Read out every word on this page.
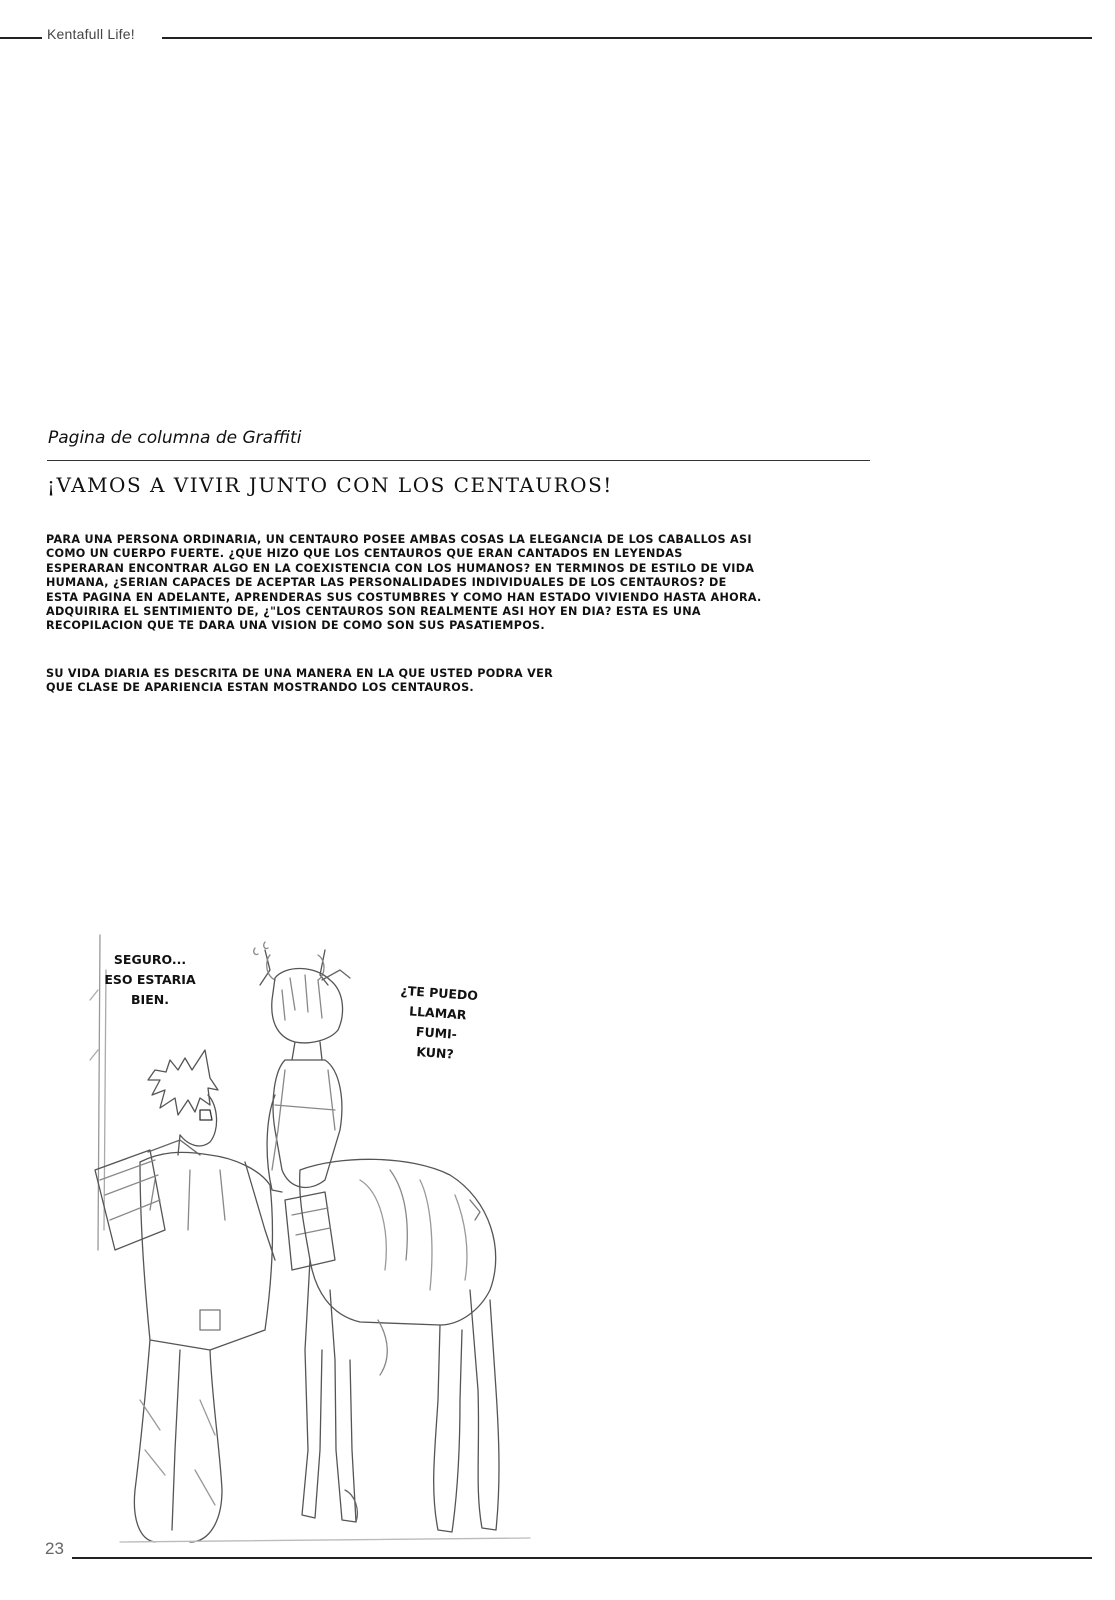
Kentafull Life!
Pagina de columna de Graffiti
¡VAMOS A VIVIR JUNTO CON LOS CENTAUROS!
PARA UNA PERSONA ORDINARIA, UN CENTAURO POSEE AMBAS COSAS LA ELEGANCIA DE LOS CABALLOS ASI
COMO UN CUERPO FUERTE. ¿QUE HIZO QUE LOS CENTAUROS QUE ERAN CANTADOS EN LEYENDAS
ESPERARAN ENCONTRAR ALGO EN LA COEXISTENCIA CON LOS HUMANOS? EN TERMINOS DE ESTILO DE VIDA
HUMANA, ¿SERIAN CAPACES DE ACEPTAR LAS PERSONALIDADES INDIVIDUALES DE LOS CENTAUROS? DE
ESTA PAGINA EN ADELANTE, APRENDERAS SUS COSTUMBRES Y COMO HAN ESTADO VIVIENDO HASTA AHORA.
ADQUIRIRA EL SENTIMIENTO DE, ¿"LOS CENTAUROS SON REALMENTE ASI HOY EN DIA? ESTA ES UNA
RECOPILACION QUE TE DARA UNA VISION DE COMO SON SUS PASATIEMPOS.
SU VIDA DIARIA ES DESCRITA DE UNA MANERA EN LA QUE USTED PODRA VER
QUE CLASE DE APARIENCIA ESTAN MOSTRANDO LOS CENTAUROS.
SEGURO...
ESO ESTARIA
BIEN.	¿TE PUEDO
LLAMAR
FUMI-
KUN?
23
